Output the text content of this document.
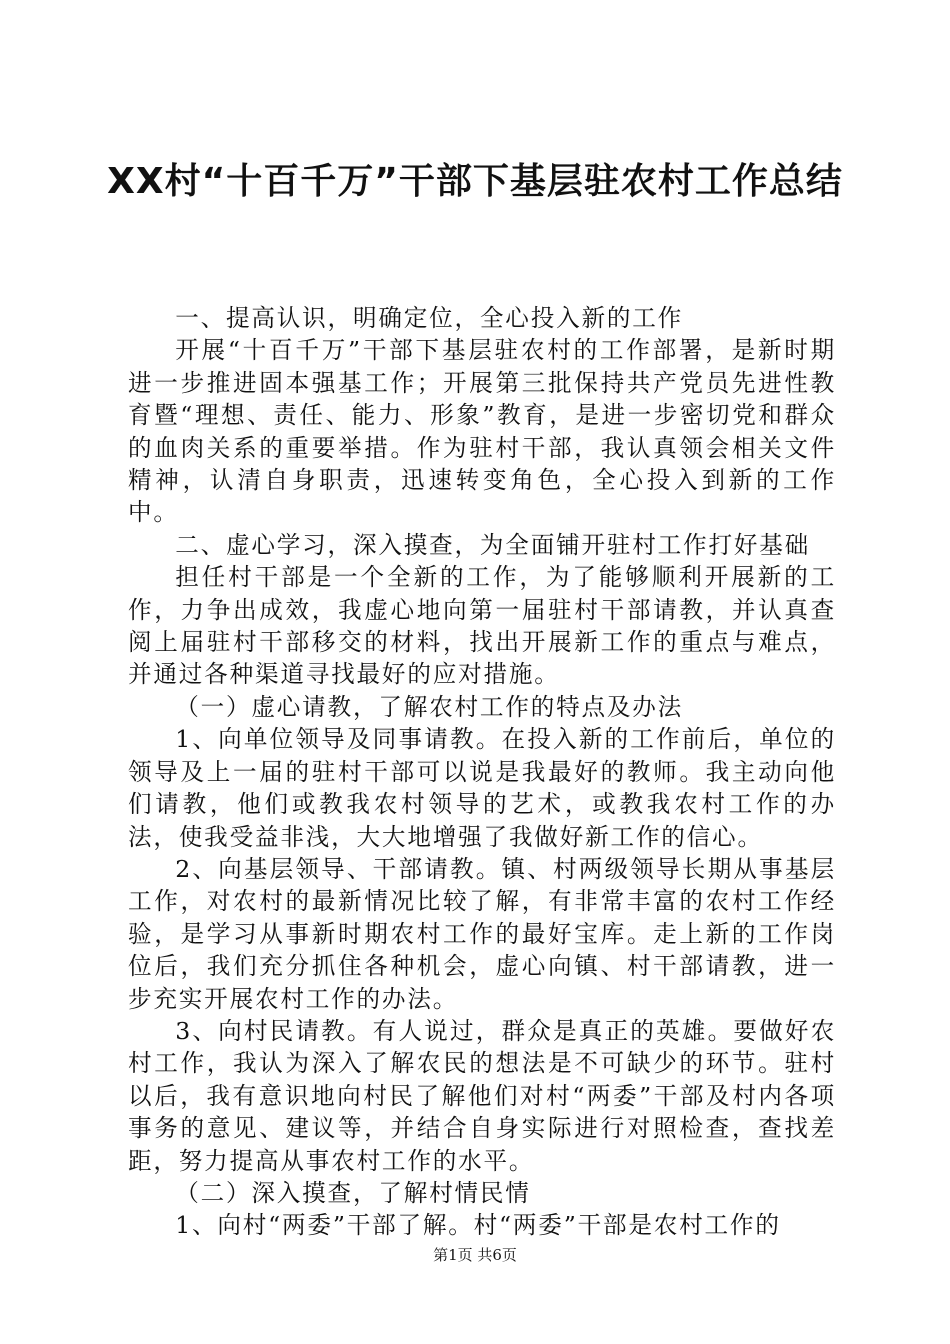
XX村“十百千万”干部下基层驻农村工作总结

一、提高认识，明确定位，全心投入新的工作

开展“十百千万”干部下基层驻农村的工作部署，是新时期进一步推进固本强基工作；开展第三批保持共产党员先进性教育暨“理想、责任、能力、形象”教育，是进一步密切党和群众的血肉关系的重要举措。作为驻村干部，我认真领会相关文件精神，认清自身职责，迅速转变角色，全心投入到新的工作中。

二、虚心学习，深入摸查，为全面铺开驻村工作打好基础

担任村干部是一个全新的工作，为了能够顺利开展新的工作，力争出成效，我虚心地向第一届驻村干部请教，并认真查阅上届驻村干部移交的材料，找出开展新工作的重点与难点，并通过各种渠道寻找最好的应对措施。

（一）虚心请教，了解农村工作的特点及办法

1、向单位领导及同事请教。在投入新的工作前后，单位的领导及上一届的驻村干部可以说是我最好的教师。我主动向他们请教，他们或教我农村领导的艺术，或教我农村工作的办法，使我受益非浅，大大地增强了我做好新工作的信心。

2、向基层领导、干部请教。镇、村两级领导长期从事基层工作，对农村的最新情况比较了解，有非常丰富的农村工作经验，是学习从事新时期农村工作的最好宝库。走上新的工作岗位后，我们充分抓住各种机会，虚心向镇、村干部请教，进一步充实开展农村工作的办法。

3、向村民请教。有人说过，群众是真正的英雄。要做好农村工作，我认为深入了解农民的想法是不可缺少的环节。驻村以后，我有意识地向村民了解他们对村“两委”干部及村内各项事务的意见、建议等，并结合自身实际进行对照检查，查找差距，努力提高从事农村工作的水平。

（二）深入摸查，了解村情民情

1、向村“两委”干部了解。村“两委”干部是农村工作的

第1页 共6页
